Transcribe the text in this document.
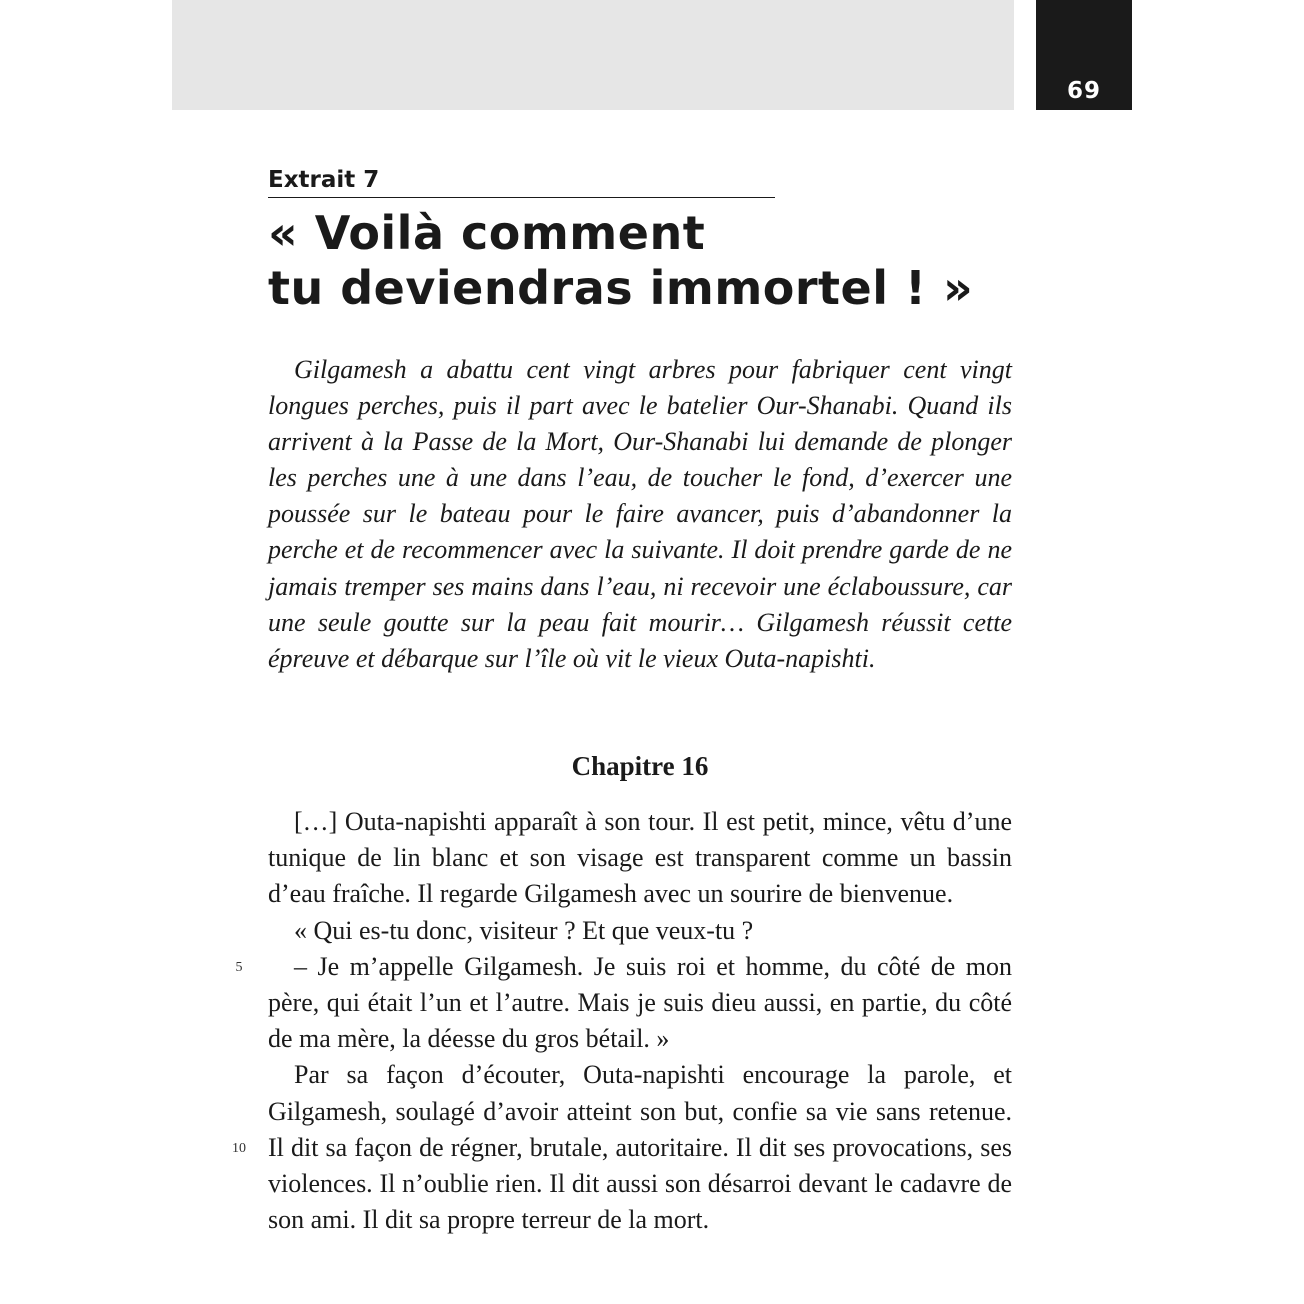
69
Extrait 7
« Voilà comment
tu deviendras immortel ! »

Gilgamesh a abattu cent vingt arbres pour fabriquer cent vingt longues perches, puis il part avec le batelier Our-Shanabi. Quand ils arrivent à la Passe de la Mort, Our-Shanabi lui demande de plonger les perches une à une dans l’eau, de toucher le fond, d’exercer une poussée sur le bateau pour le faire avancer, puis d’abandonner la perche et de recommencer avec la suivante. Il doit prendre garde de ne jamais tremper ses mains dans l’eau, ni recevoir une éclaboussure, car une seule goutte sur la peau fait mourir… Gilgamesh réussit cette épreuve et débarque sur l’île où vit le vieux Outa-napishti.

Chapitre 16

[…] Outa-napishti apparaît à son tour. Il est petit, mince, vêtu d’une tunique de lin blanc et son visage est transparent comme un bassin d’eau fraîche. Il regarde Gilgamesh avec un sourire de bienvenue.

« Qui es-tu donc, visiteur ? Et que veux-tu ?

– Je m’appelle Gilgamesh. Je suis roi et homme, du côté de mon père, qui était l’un et l’autre. Mais je suis dieu aussi, en partie, du côté de ma mère, la déesse du gros bétail. »

Par sa façon d’écouter, Outa-napishti encourage la parole, et Gilgamesh, soulagé d’avoir atteint son but, confie sa vie sans retenue. Il dit sa façon de régner, brutale, autoritaire. Il dit ses provocations, ses violences. Il n’oublie rien. Il dit aussi son désarroi devant le cadavre de son ami. Il dit sa propre terreur de la mort.

5
10
